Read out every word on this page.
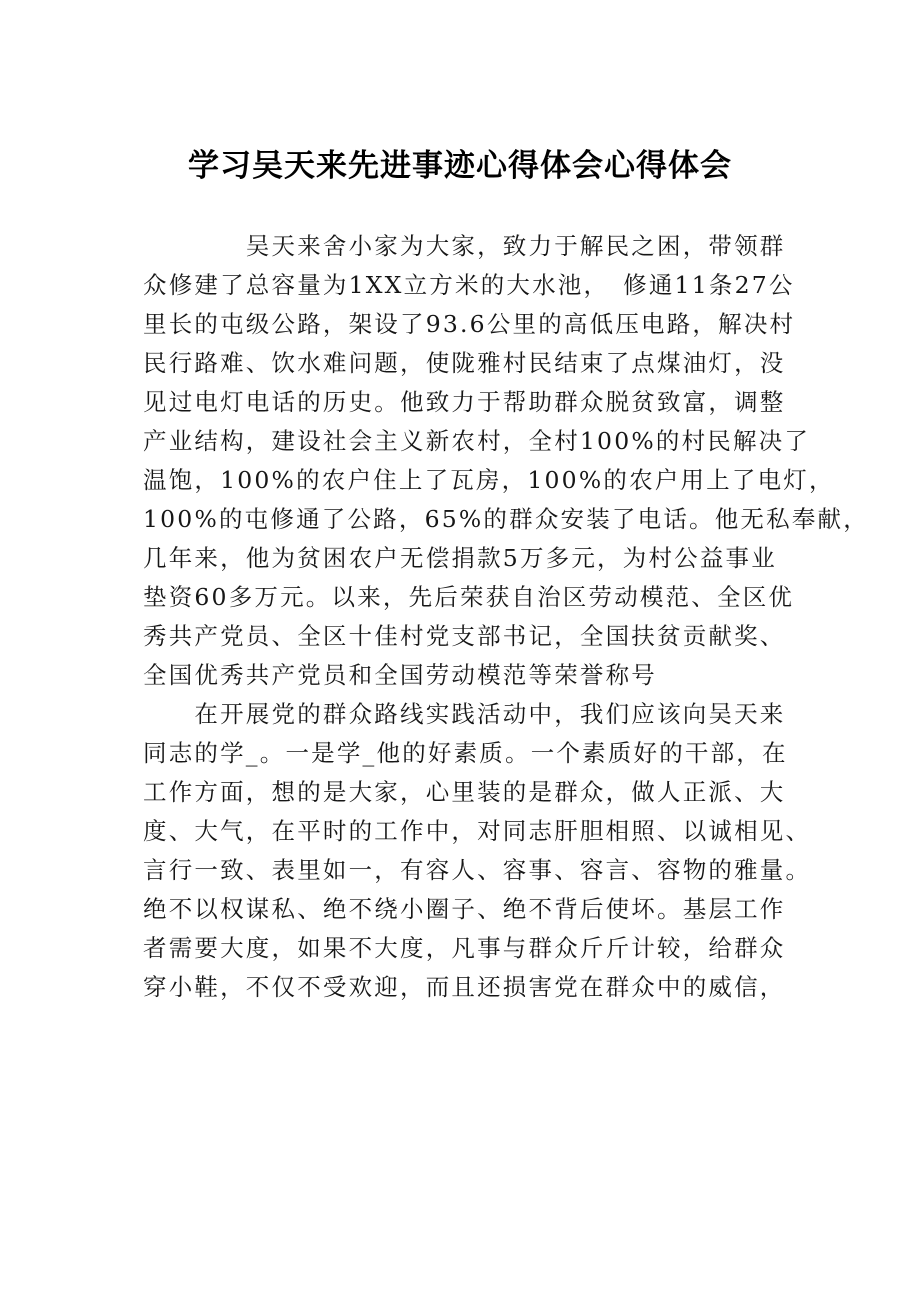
学习吴天来先进事迹心得体会心得体会
　　　　吴天来舍小家为大家，致力于解民之困，带领群
众修建了总容量为1XX立方米的大水池，　修通11条27公
里长的屯级公路，架设了93.6公里的高低压电路，解决村
民行路难、饮水难问题，使陇雅村民结束了点煤油灯，没
见过电灯电话的历史。他致力于帮助群众脱贫致富，调整
产业结构，建设社会主义新农村，全村100%的村民解决了
温饱，100%的农户住上了瓦房，100%的农户用上了电灯，
100%的屯修通了公路，65%的群众安装了电话。他无私奉献，
几年来，他为贫困农户无偿捐款5万多元，为村公益事业
垫资60多万元。以来，先后荣获自治区劳动模范、全区优
秀共产党员、全区十佳村党支部书记，全国扶贫贡献奖、
全国优秀共产党员和全国劳动模范等荣誉称号
　　在开展党的群众路线实践活动中，我们应该向吴天来
同志的学_。一是学_他的好素质。一个素质好的干部，在
工作方面，想的是大家，心里装的是群众，做人正派、大
度、大气，在平时的工作中，对同志肝胆相照、以诚相见、
言行一致、表里如一，有容人、容事、容言、容物的雅量。
绝不以权谋私、绝不绕小圈子、绝不背后使坏。基层工作
者需要大度，如果不大度，凡事与群众斤斤计较，给群众
穿小鞋，不仅不受欢迎，而且还损害党在群众中的威信，
